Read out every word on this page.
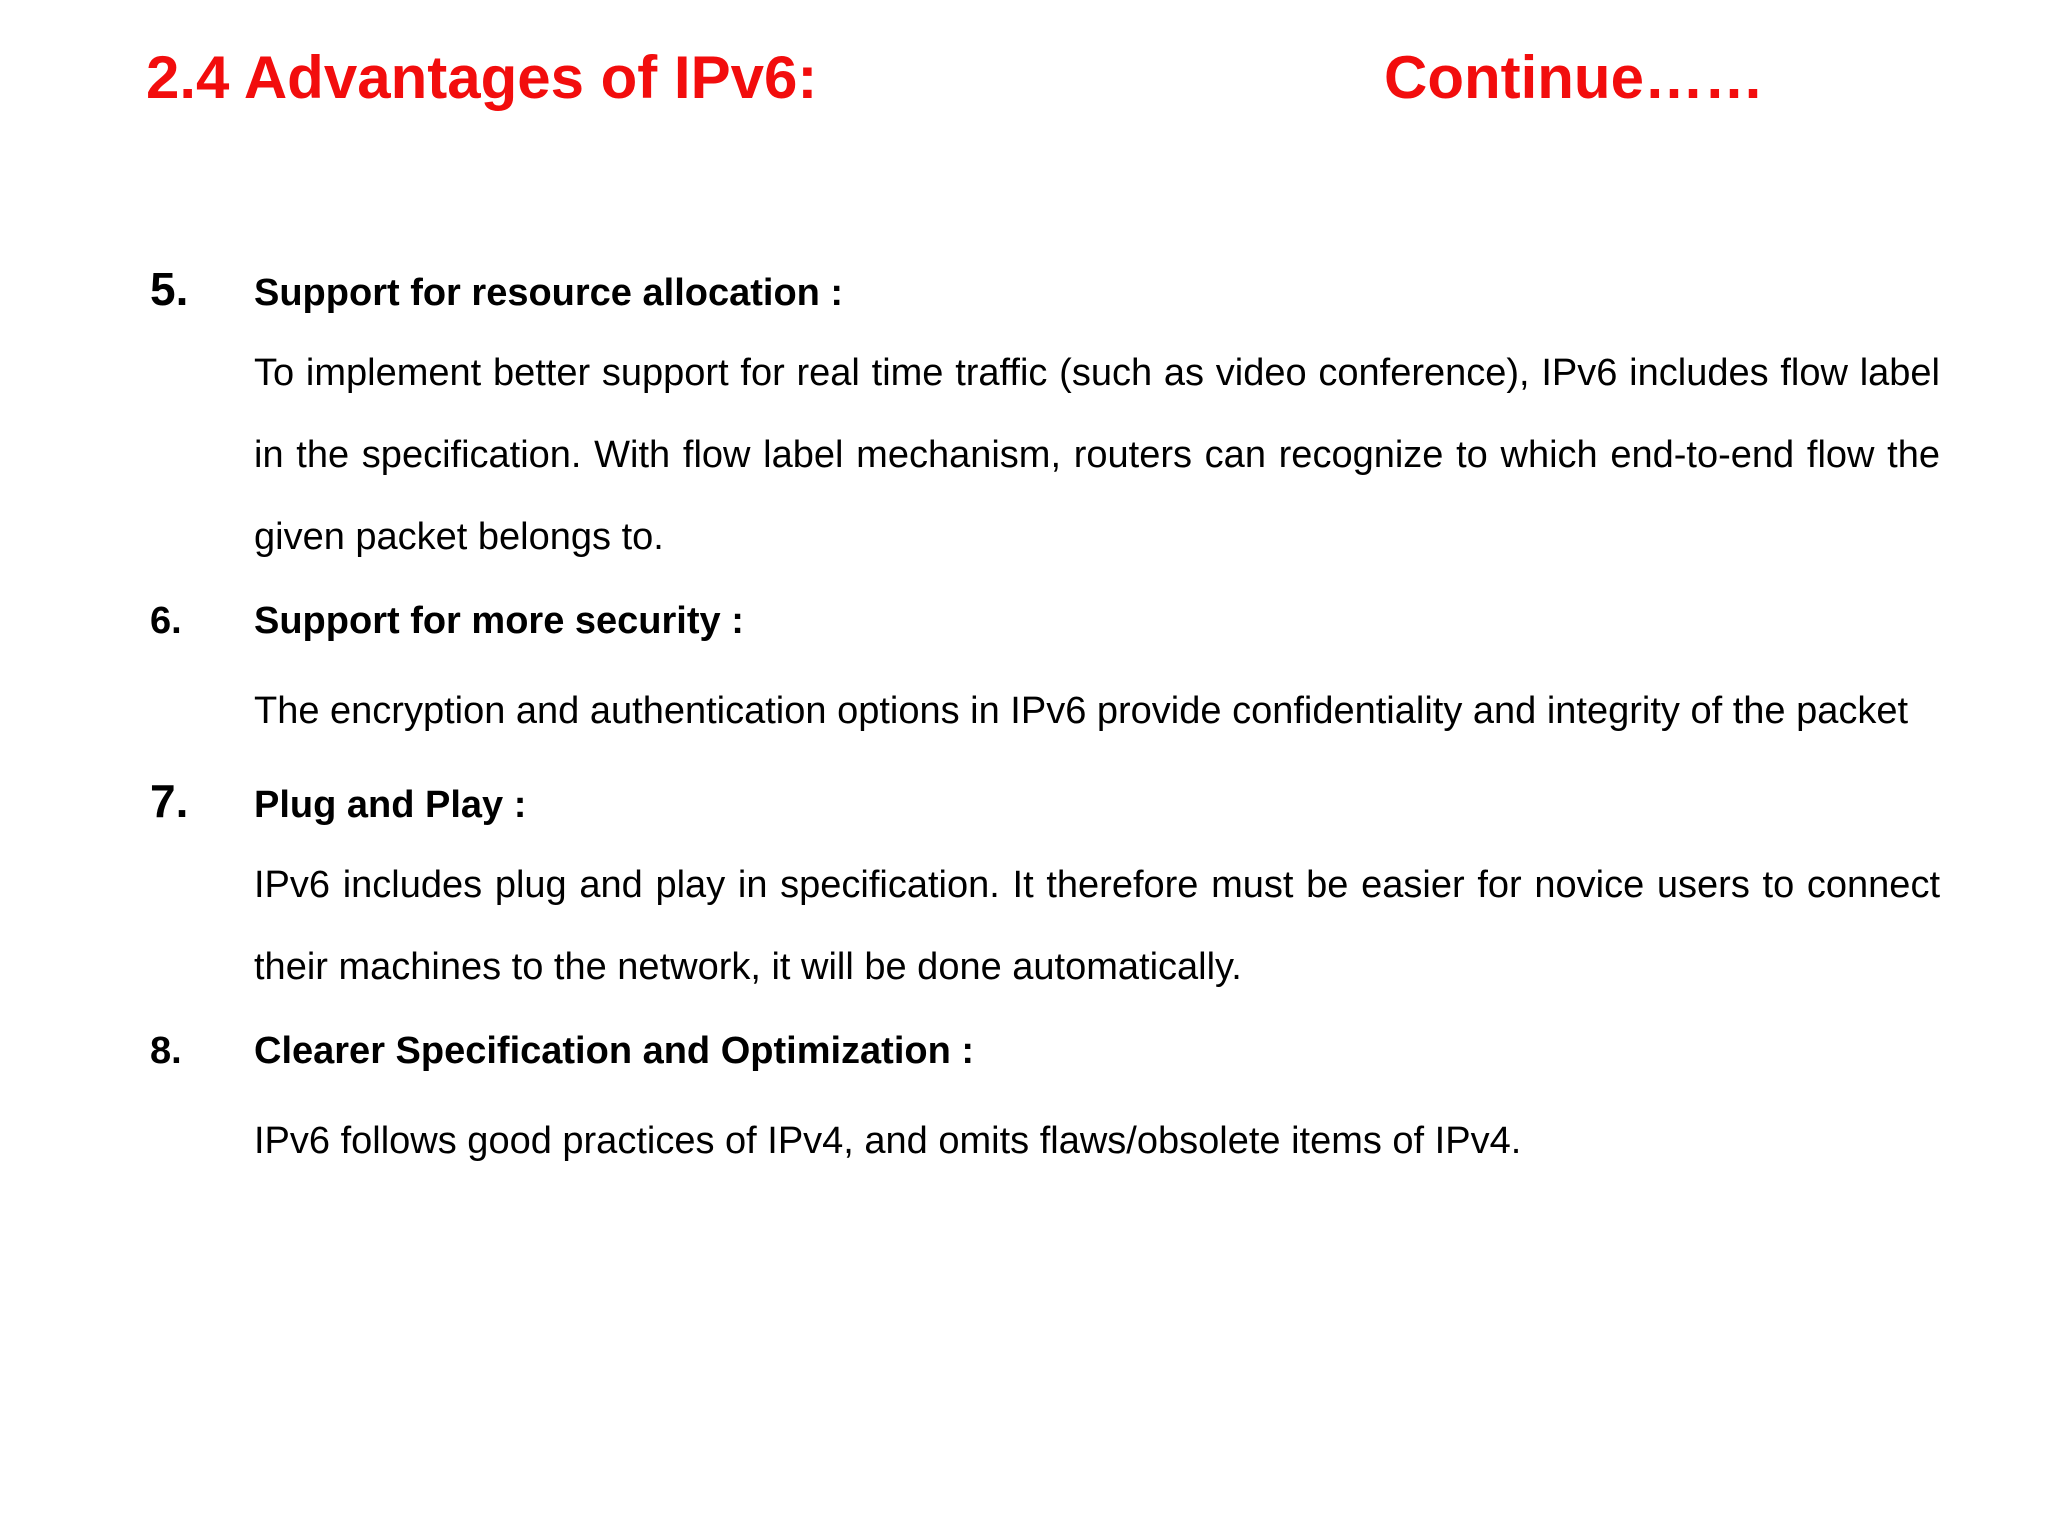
2.4 Advantages of IPv6:	Continue……
5.	Support for resource allocation :
To implement better support for real time traffic (such as video conference), IPv6 includes flow label in the specification. With flow label mechanism, routers can recognize to which end-to-end flow the given packet belongs to.
6.	Support for more security :
The encryption and authentication options in IPv6 provide confidentiality and integrity of the packet
7.	Plug and Play :
IPv6 includes plug and play in specification. It therefore must be easier for novice users to connect their machines to the network, it will be done automatically.
8.	Clearer Specification and Optimization :
IPv6 follows good practices of IPv4, and omits flaws/obsolete items of IPv4.
